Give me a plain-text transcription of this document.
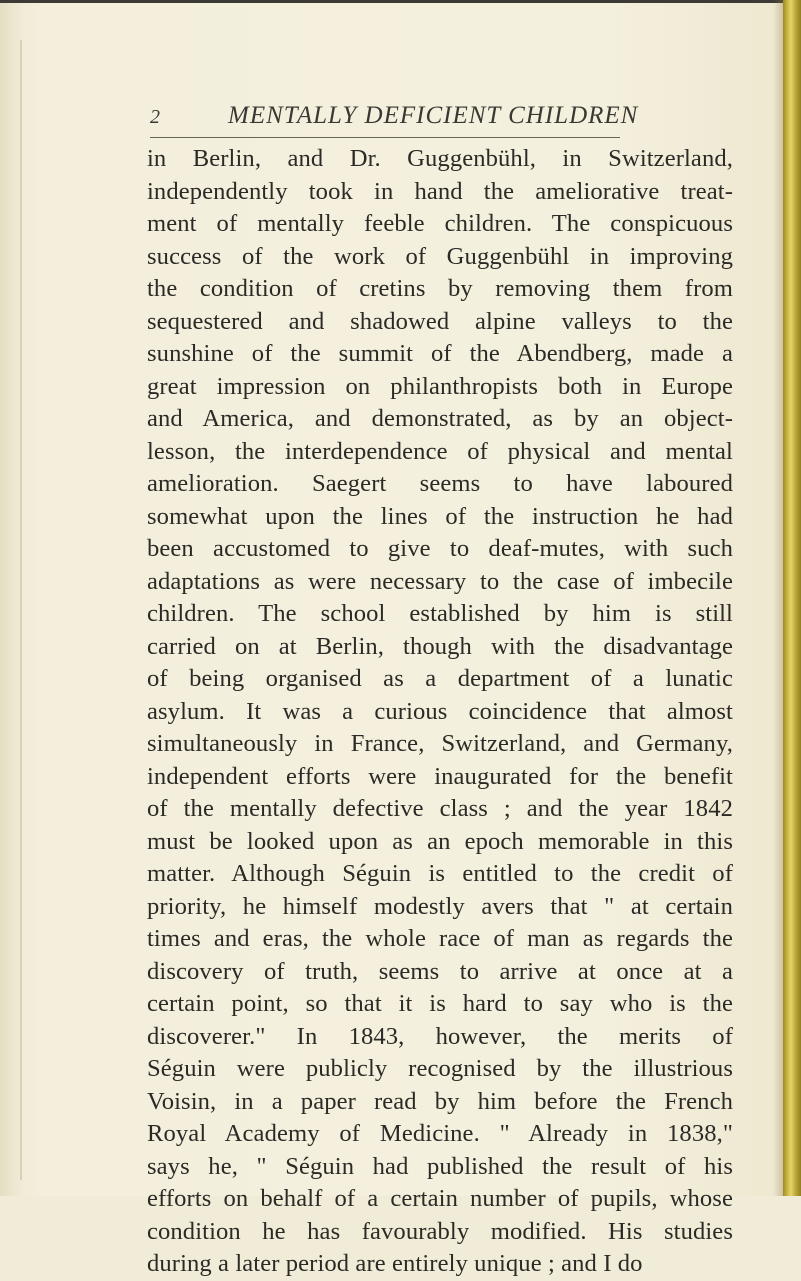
2	MENTALLY DEFICIENT CHILDREN
in Berlin, and Dr. Guggenbühl, in Switzerland,
independently took in hand the ameliorative treat-
ment of mentally feeble children. The conspicuous
success of the work of Guggenbühl in improving
the condition of cretins by removing them from
sequestered and shadowed alpine valleys to the
sunshine of the summit of the Abendberg, made a
great impression on philanthropists both in Europe
and America, and demonstrated, as by an object-
lesson, the interdependence of physical and mental
amelioration. Saegert seems to have laboured
somewhat upon the lines of the instruction he had
been accustomed to give to deaf-mutes, with such
adaptations as were necessary to the case of imbecile
children. The school established by him is still
carried on at Berlin, though with the disadvantage
of being organised as a department of a lunatic
asylum. It was a curious coincidence that almost
simultaneously in France, Switzerland, and Germany,
independent efforts were inaugurated for the benefit
of the mentally defective class ; and the year 1842
must be looked upon as an epoch memorable in this
matter. Although Séguin is entitled to the credit of
priority, he himself modestly avers that " at certain
times and eras, the whole race of man as regards the
discovery of truth, seems to arrive at once at a
certain point, so that it is hard to say who is the
discoverer." In 1843, however, the merits of
Séguin were publicly recognised by the illustrious
Voisin, in a paper read by him before the French
Royal Academy of Medicine. " Already in 1838,"
says he, " Séguin had published the result of his
efforts on behalf of a certain number of pupils, whose
condition he has favourably modified. His studies
during a later period are entirely unique ; and I do
